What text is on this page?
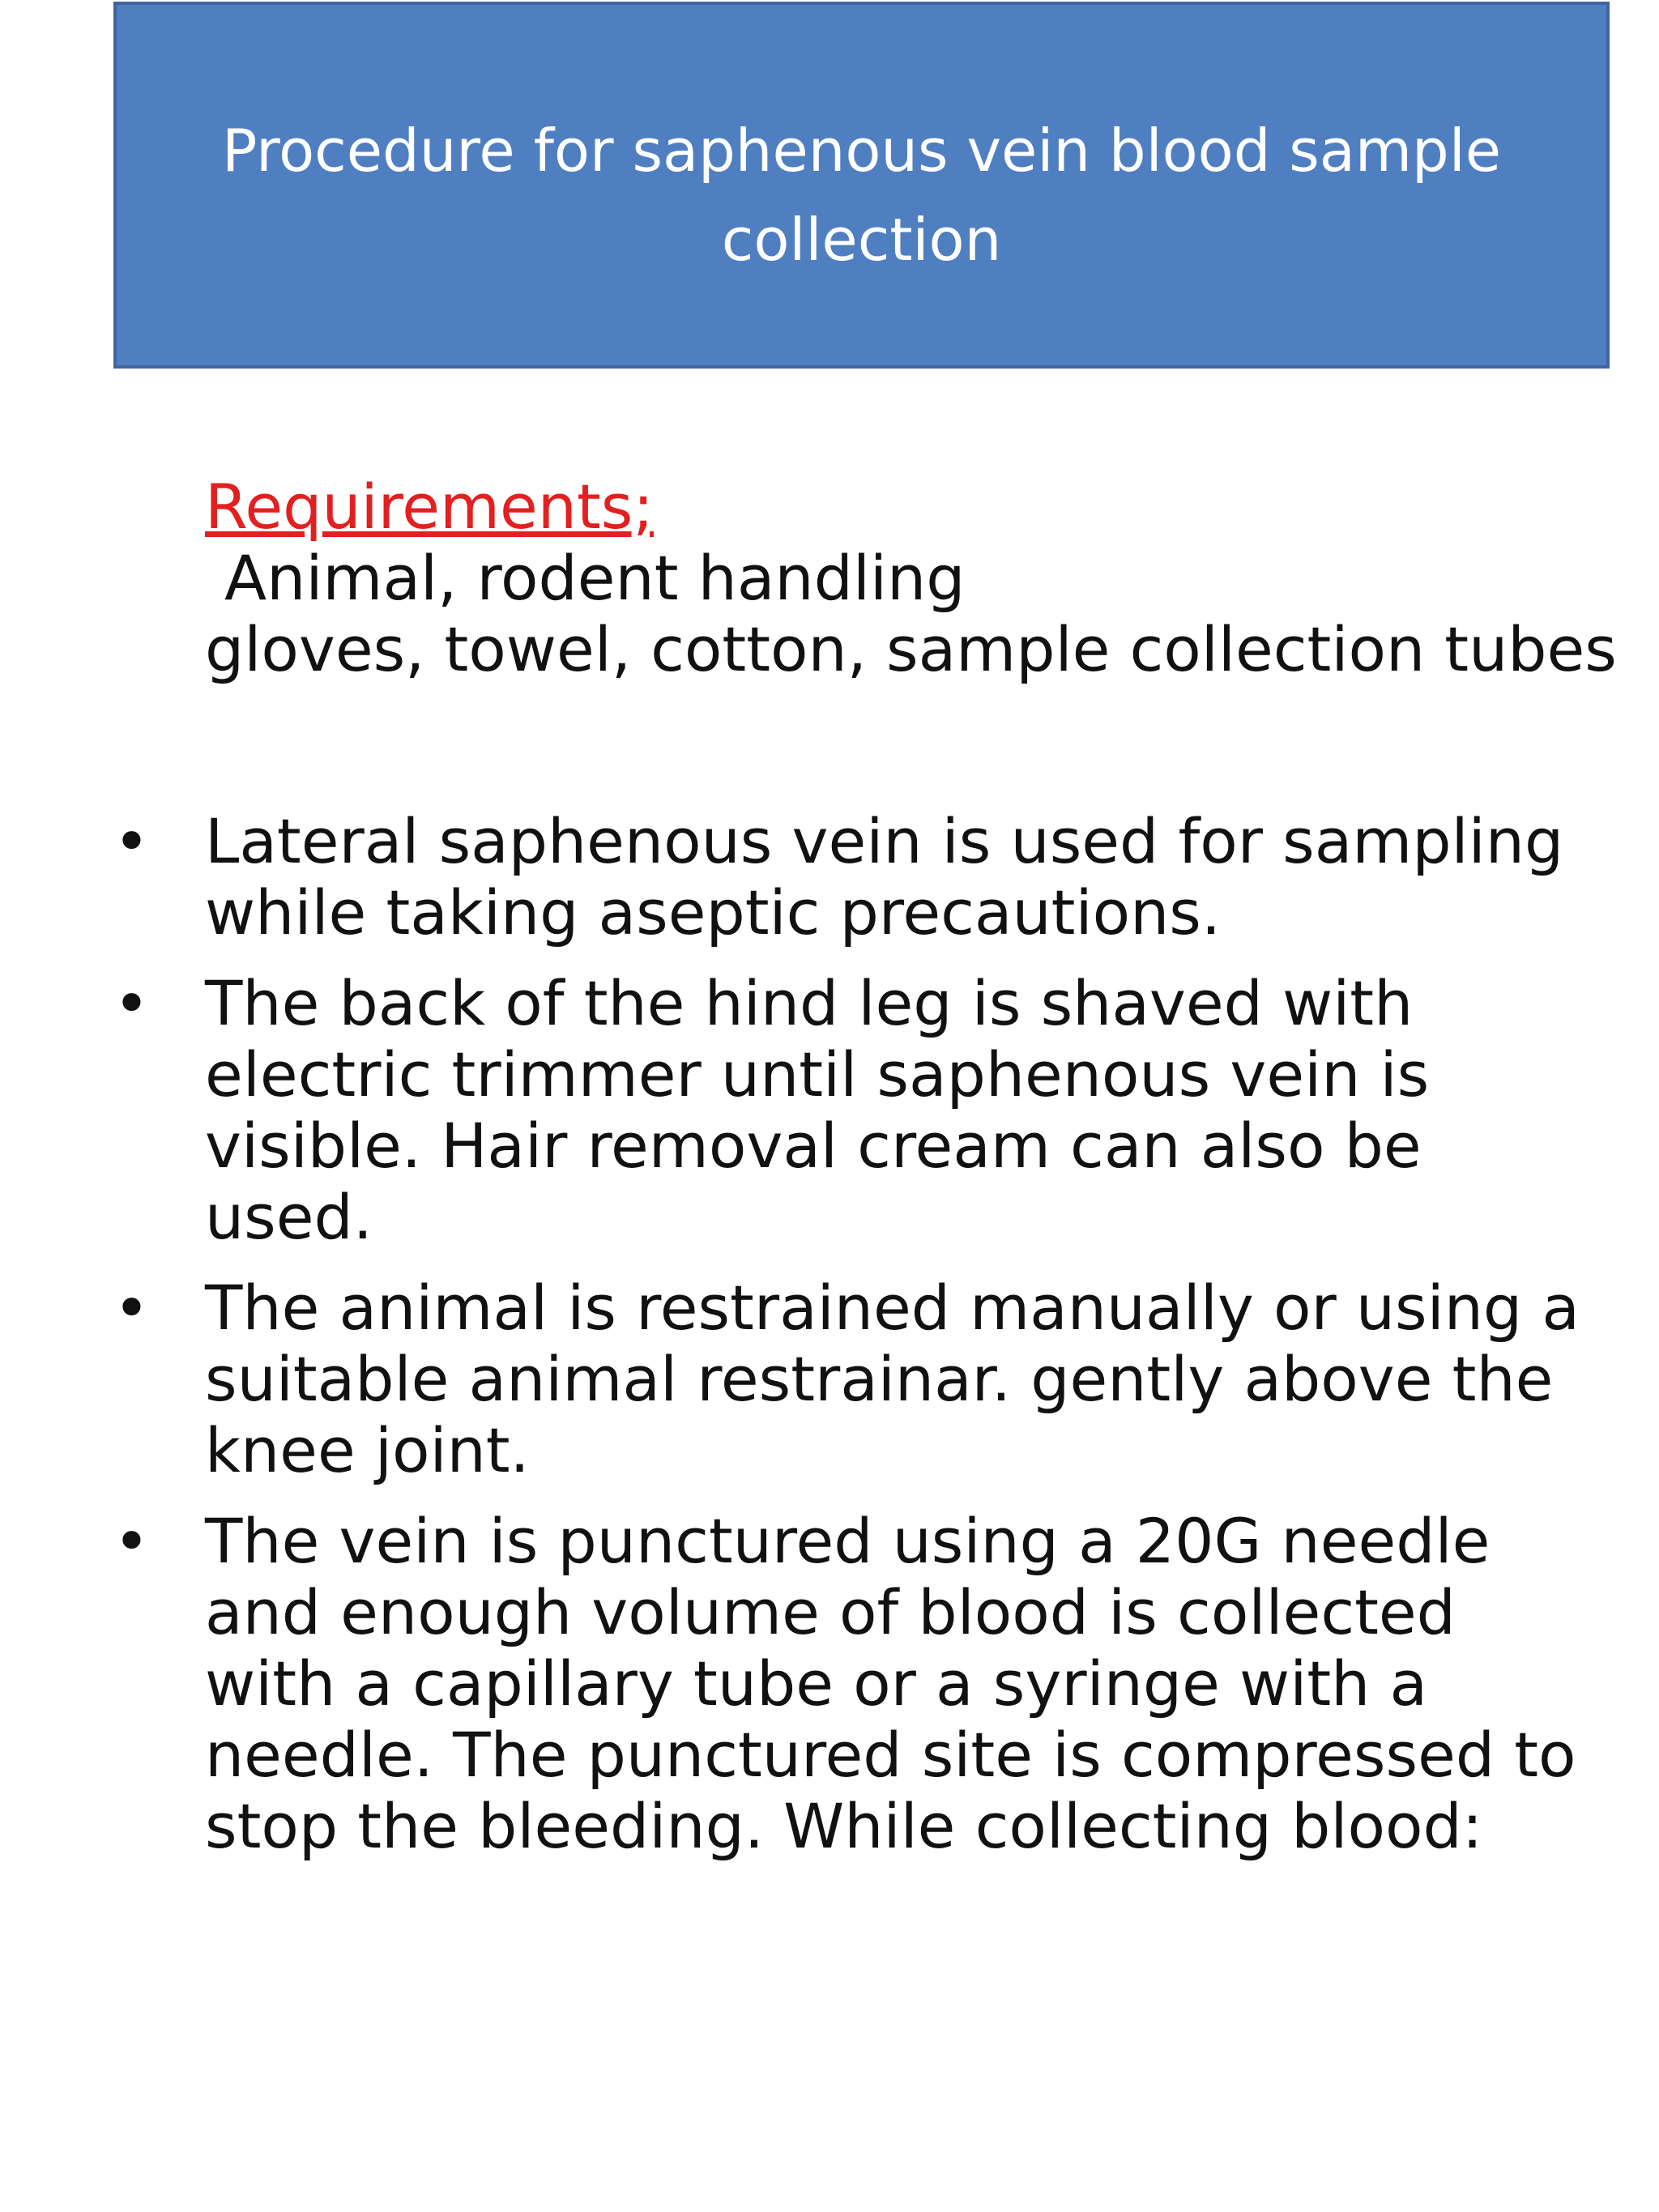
Procedure for saphenous vein blood sample collection

Requirements;

Animal, rodent handling

gloves, towel, cotton, sample collection tubes

• Lateral saphenous vein is used for sampling while taking aseptic precautions.

• The back of the hind leg is shaved with electric trimmer until saphenous vein is visible. Hair removal cream can also be used.

• The animal is restrained manually or using a suitable animal restrainar. gently above the knee joint.

• The vein is punctured using a 20G needle and enough volume of blood is collected with a capillary tube or a syringe with a needle. The punctured site is compressed to stop the bleeding. While collecting blood:
